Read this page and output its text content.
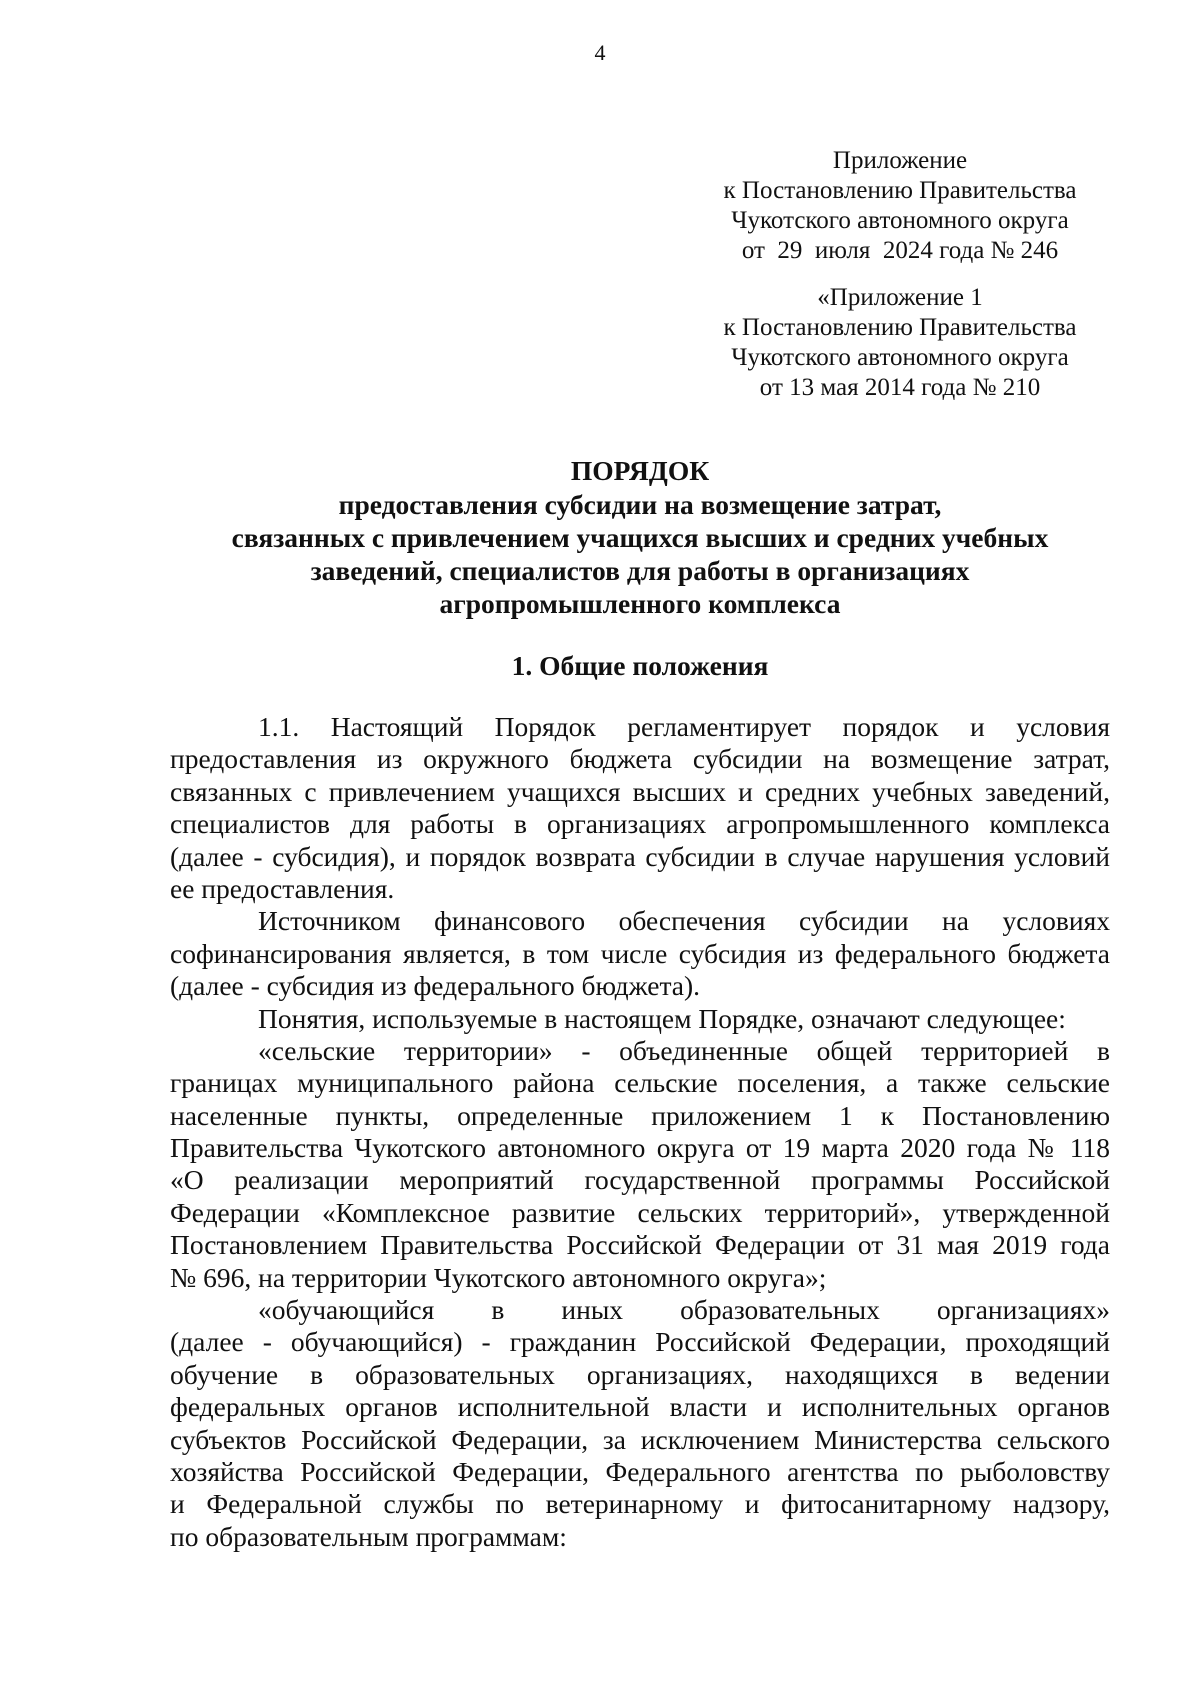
4
Приложение
к Постановлению Правительства
Чукотского автономного округа
от  29  июля  2024 года № 246
«Приложение 1
к Постановлению Правительства
Чукотского автономного округа
от 13 мая 2014 года № 210
ПОРЯДОК
предоставления субсидии на возмещение затрат,
связанных с привлечением учащихся высших и средних учебных
заведений, специалистов для работы в организациях
агропромышленного комплекса
1. Общие положения

1.1.  Настоящий  Порядок  регламентирует  порядок  и  условия
предоставления из окружного бюджета субсидии на возмещение затрат,
связанных с привлечением учащихся высших и средних учебных заведений,
специалистов для работы в организациях агропромышленного комплекса
(далее - субсидия), и порядок возврата субсидии в случае нарушения условий
ее предоставления.

Источником финансового обеспечения субсидии на условиях
софинансирования является, в том числе субсидия из федерального бюджета
(далее - субсидия из федерального бюджета).

Понятия, используемые в настоящем Порядке, означают следующее:

«сельские территории» - объединенные общей территорией в
границах муниципального района сельские поселения, а также сельские
населенные пункты, определенные приложением 1 к Постановлению
Правительства Чукотского автономного округа от 19 марта 2020 года № 118
«О реализации мероприятий государственной программы Российской
Федерации «Комплексное развитие сельских территорий», утвержденной
Постановлением Правительства Российской Федерации от 31 мая 2019 года
№ 696, на территории Чукотского автономного округа»;

«обучающийся в иных образовательных организациях»
(далее - обучающийся) - гражданин Российской Федерации, проходящий
обучение в образовательных организациях, находящихся в ведении
федеральных органов исполнительной власти и исполнительных органов
субъектов Российской Федерации, за исключением Министерства сельского
хозяйства Российской Федерации, Федерального агентства по рыболовству
и Федеральной службы по ветеринарному и фитосанитарному надзору,
по образовательным программам:
